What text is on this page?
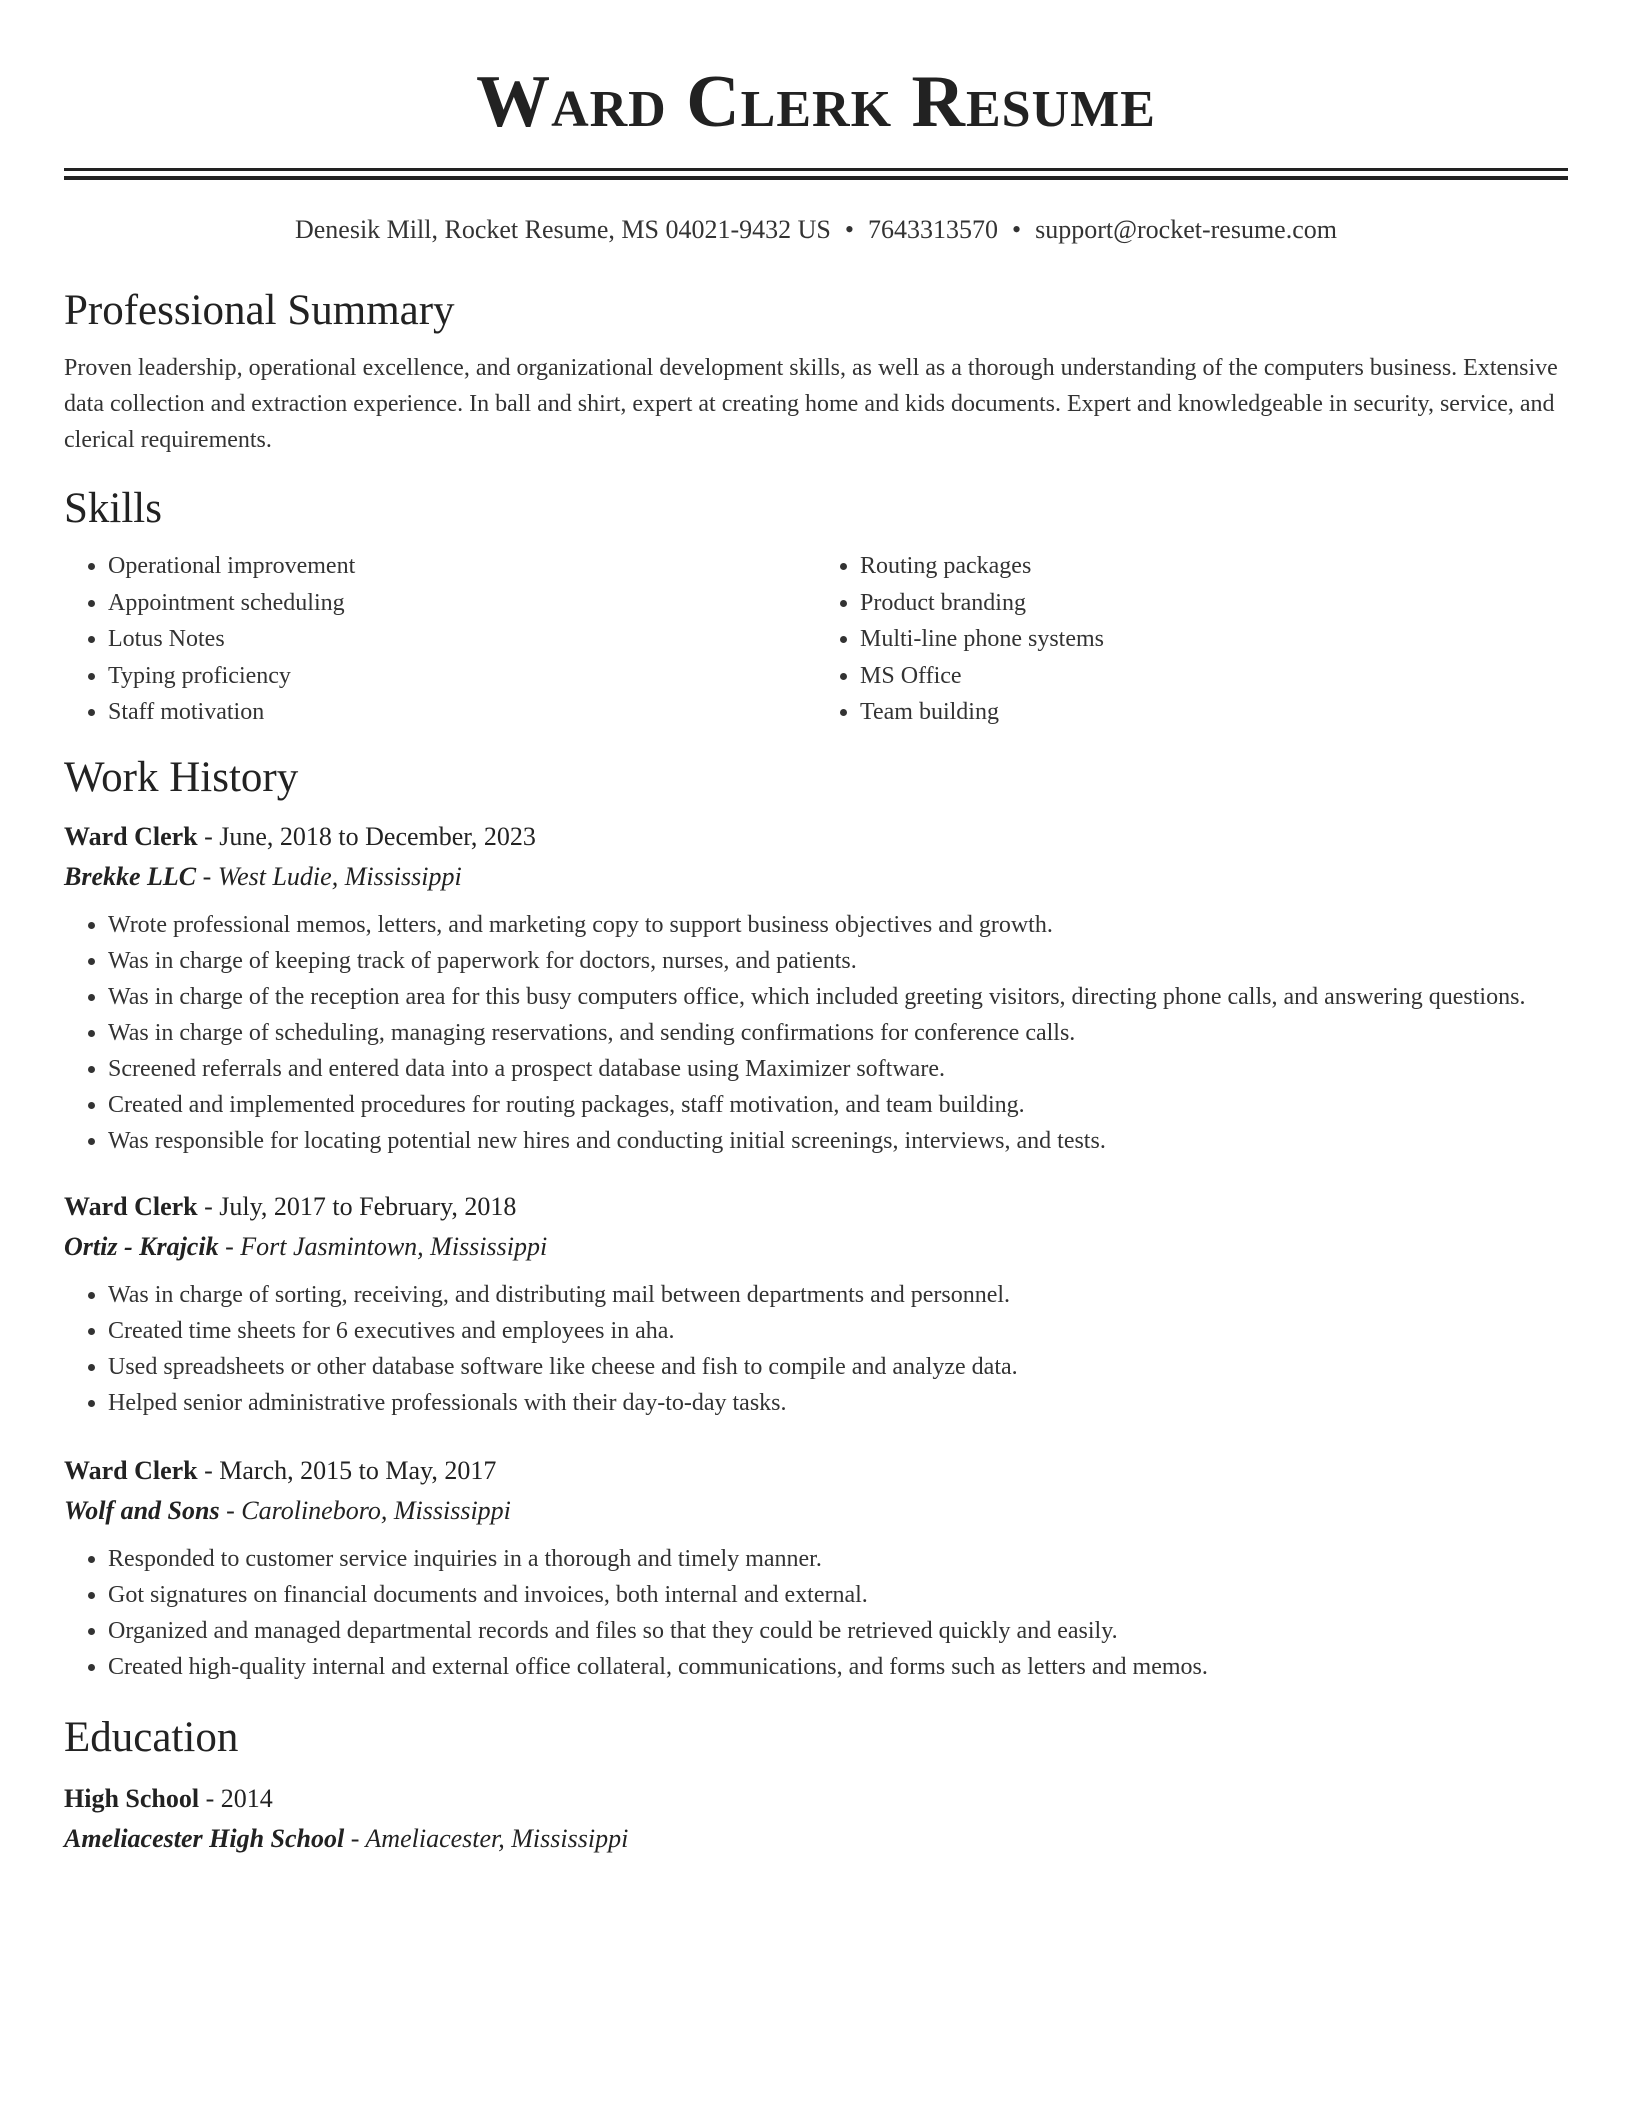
Ward Clerk Resume
Denesik Mill, Rocket Resume, MS 04021-9432 US • 7643313570 • support@rocket-resume.com
Professional Summary

Proven leadership, operational excellence, and organizational development skills, as well as a thorough understanding of the computers business. Extensive data collection and extraction experience. In ball and shirt, expert at creating home and kids documents. Expert and knowledgeable in security, service, and clerical requirements.

Skills
• Operational improvement
• Appointment scheduling
• Lotus Notes
• Typing proficiency
• Staff motivation
• Routing packages
• Product branding
• Multi-line phone systems
• MS Office
• Team building
Work History
Ward Clerk - June, 2018 to December, 2023
Brekke LLC - West Ludie, Mississippi
• Wrote professional memos, letters, and marketing copy to support business objectives and growth.
• Was in charge of keeping track of paperwork for doctors, nurses, and patients.
• Was in charge of the reception area for this busy computers office, which included greeting visitors, directing phone calls, and answering questions.
• Was in charge of scheduling, managing reservations, and sending confirmations for conference calls.
• Screened referrals and entered data into a prospect database using Maximizer software.
• Created and implemented procedures for routing packages, staff motivation, and team building.
• Was responsible for locating potential new hires and conducting initial screenings, interviews, and tests.
Ward Clerk - July, 2017 to February, 2018
Ortiz - Krajcik - Fort Jasmintown, Mississippi
• Was in charge of sorting, receiving, and distributing mail between departments and personnel.
• Created time sheets for 6 executives and employees in aha.
• Used spreadsheets or other database software like cheese and fish to compile and analyze data.
• Helped senior administrative professionals with their day-to-day tasks.
Ward Clerk - March, 2015 to May, 2017
Wolf and Sons - Carolineboro, Mississippi
• Responded to customer service inquiries in a thorough and timely manner.
• Got signatures on financial documents and invoices, both internal and external.
• Organized and managed departmental records and files so that they could be retrieved quickly and easily.
• Created high-quality internal and external office collateral, communications, and forms such as letters and memos.
Education
High School - 2014
Ameliacester High School - Ameliacester, Mississippi
